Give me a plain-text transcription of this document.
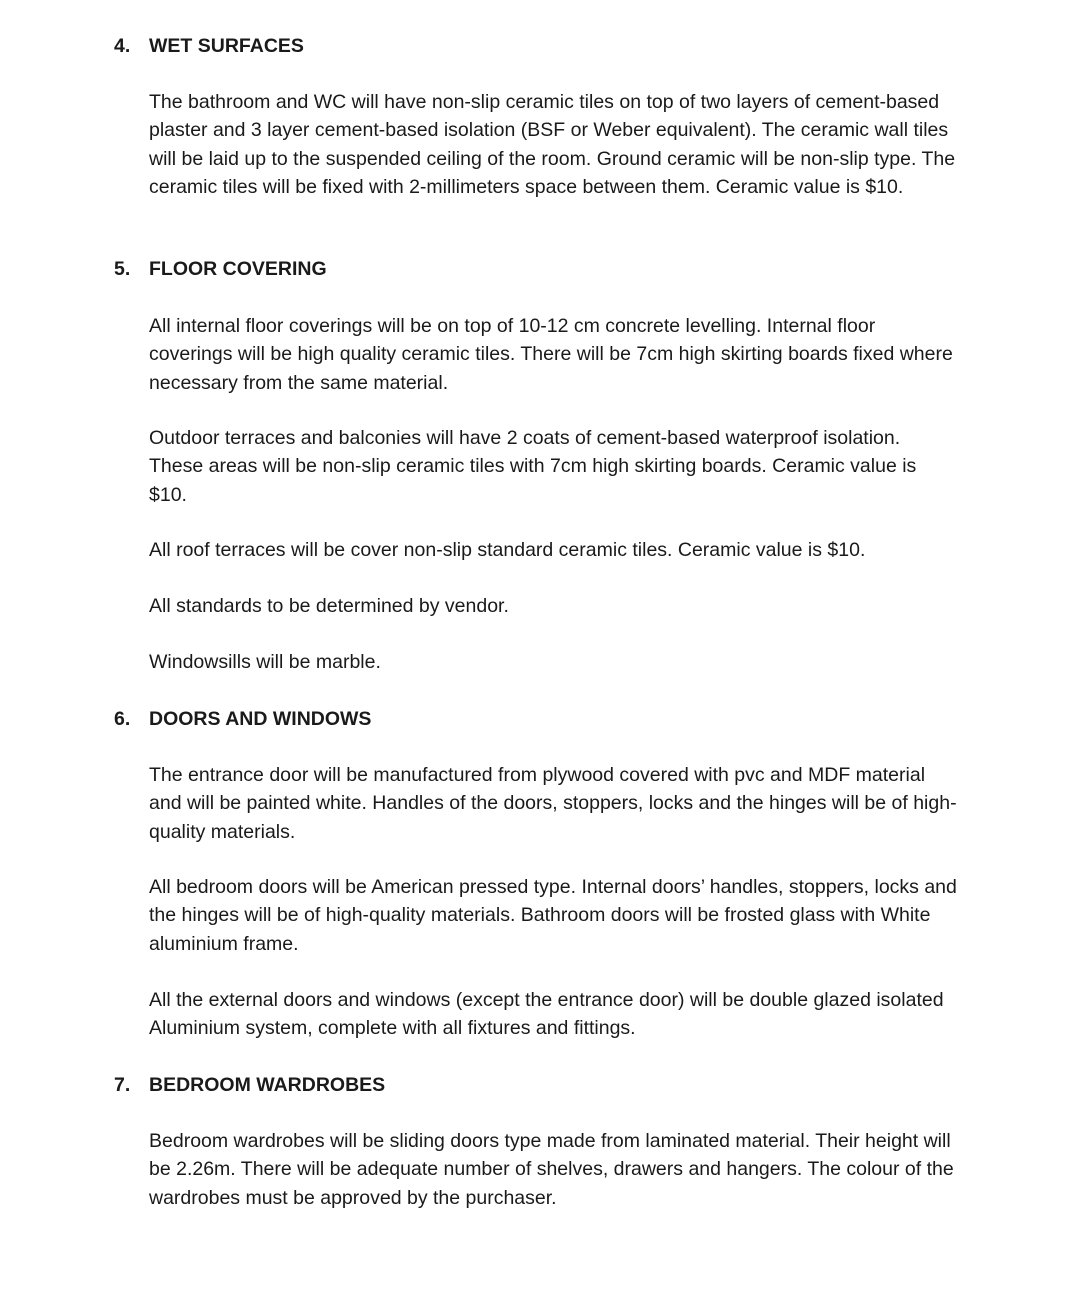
4. WET SURFACES

The bathroom and WC will have non-slip ceramic tiles on top of two layers of cement-based plaster and 3 layer cement-based isolation (BSF or Weber equivalent). The ceramic wall tiles will be laid up to the suspended ceiling of the room. Ground ceramic will be non-slip type. The ceramic tiles will be fixed with 2-millimeters space between them. Ceramic value is $10.

5. FLOOR COVERING

All internal floor coverings will be on top of 10-12 cm concrete levelling. Internal floor coverings will be high quality ceramic tiles. There will be 7cm high skirting boards fixed where necessary from the same material.

Outdoor terraces and balconies will have 2 coats of cement-based waterproof isolation. These areas will be non-slip ceramic tiles with 7cm high skirting boards. Ceramic value is $10.

All roof terraces will be cover non-slip standard ceramic tiles. Ceramic value is $10.

All standards to be determined by vendor.

Windowsills will be marble.

6. DOORS AND WINDOWS

The entrance door will be manufactured from plywood covered with pvc and MDF material and will be painted white. Handles of the doors, stoppers, locks and the hinges will be of high-quality materials.

All bedroom doors will be American pressed type. Internal doors’ handles, stoppers, locks and the hinges will be of high-quality materials. Bathroom doors will be frosted glass with White aluminium frame.

All the external doors and windows (except the entrance door) will be double glazed isolated Aluminium system, complete with all fixtures and fittings.

7. BEDROOM WARDROBES

Bedroom wardrobes will be sliding doors type made from laminated material. Their height will be 2.26m. There will be adequate number of shelves, drawers and hangers. The colour of the wardrobes must be approved by the purchaser.
